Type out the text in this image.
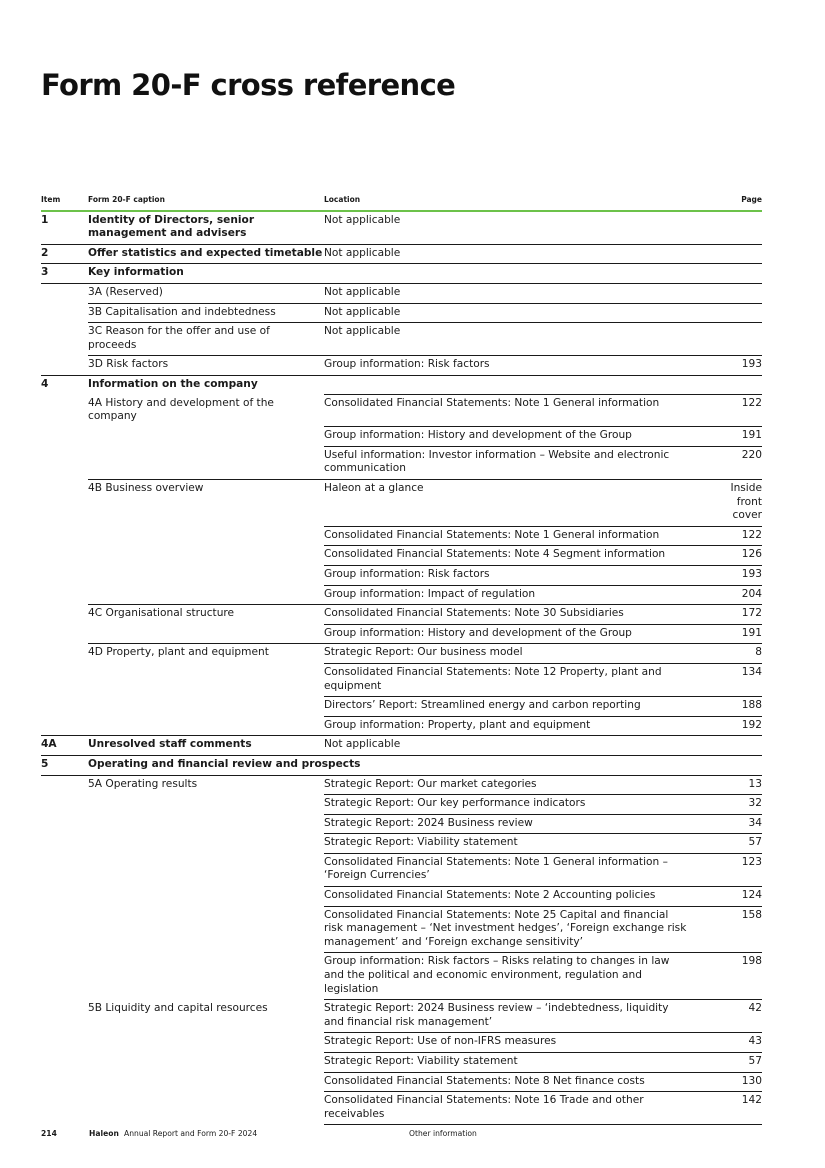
Form 20-F cross reference
Item	Form 20-F caption	Location	Page
1	Identity of Directors, senior management and advisers	Not applicable	
2	Offer statistics and expected timetable	Not applicable	
3	Key information		
	3A (Reserved)	Not applicable	
	3B Capitalisation and indebtedness	Not applicable	
	3C Reason for the offer and use of proceeds	Not applicable	
	3D Risk factors	Group information: Risk factors	193
4	Information on the company		
	4A History and development of the company	Consolidated Financial Statements: Note 1 General information	122
		Group information: History and development of the Group	191
		Useful information: Investor information – Website and electronic communication	220
	4B Business overview	Haleon at a glance	Inside front cover
		Consolidated Financial Statements: Note 1 General information	122
		Consolidated Financial Statements: Note 4 Segment information	126
		Group information: Risk factors	193
		Group information: Impact of regulation	204
	4C Organisational structure	Consolidated Financial Statements: Note 30 Subsidiaries	172
		Group information: History and development of the Group	191
	4D Property, plant and equipment	Strategic Report: Our business model	8
		Consolidated Financial Statements: Note 12 Property, plant and equipment	134
		Directors’ Report: Streamlined energy and carbon reporting	188
		Group information: Property, plant and equipment	192
4A	Unresolved staff comments	Not applicable	
5	Operating and financial review and prospects		
	5A Operating results	Strategic Report: Our market categories	13
		Strategic Report: Our key performance indicators	32
		Strategic Report: 2024 Business review	34
		Strategic Report: Viability statement	57
		Consolidated Financial Statements: Note 1 General information – ‘Foreign Currencies’	123
		Consolidated Financial Statements: Note 2 Accounting policies	124
		Consolidated Financial Statements: Note 25 Capital and financial risk management – ‘Net investment hedges’, ‘Foreign exchange risk management’ and ‘Foreign exchange sensitivity’	158
		Group information: Risk factors – Risks relating to changes in law and the political and economic environment, regulation and legislation	198
	5B Liquidity and capital resources	Strategic Report: 2024 Business review – ‘indebtedness, liquidity and financial risk management’	42
		Strategic Report: Use of non-IFRS measures	43
		Strategic Report: Viability statement	57
		Consolidated Financial Statements: Note 8 Net finance costs	130
		Consolidated Financial Statements: Note 16 Trade and other receivables	142
214	Haleon Annual Report and Form 20-F 2024	Other information
